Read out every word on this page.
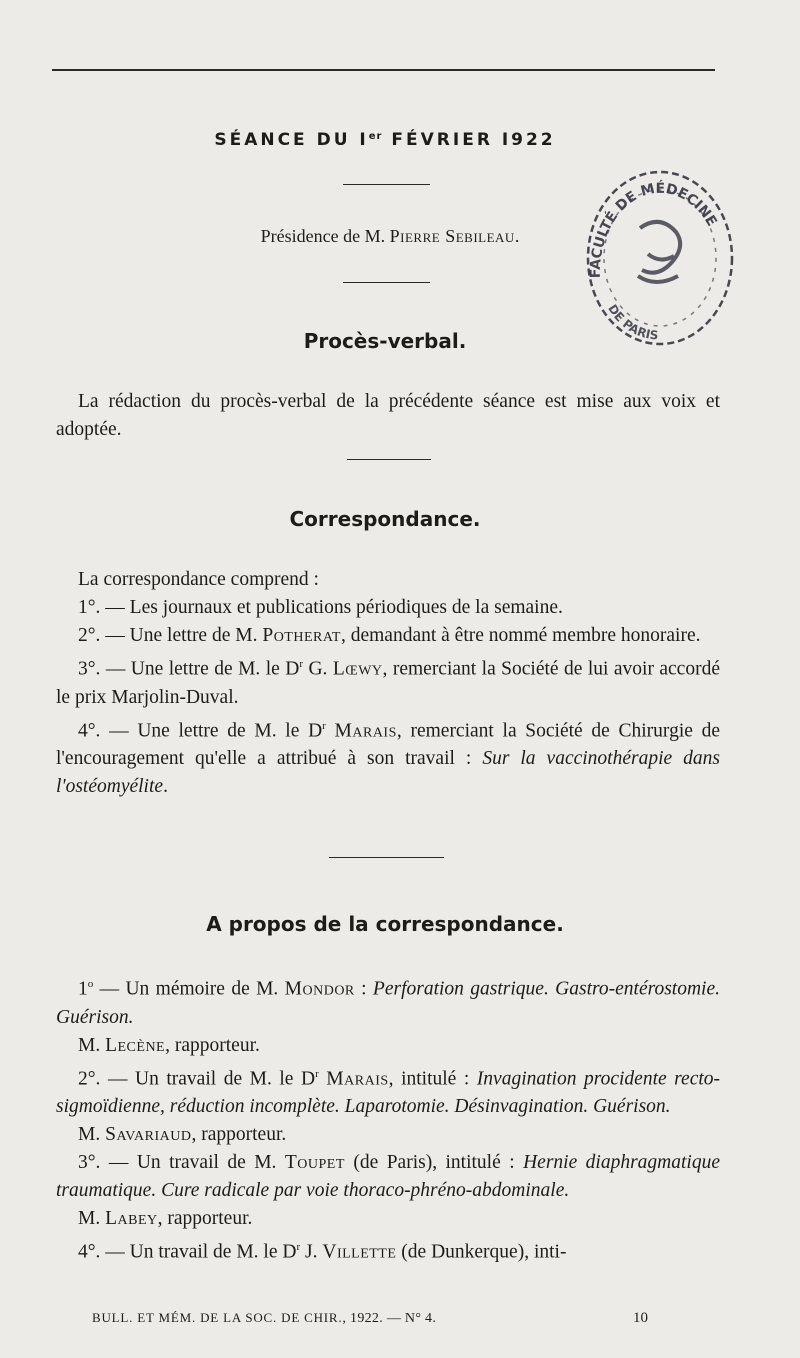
SÉANCE DU Ier FÉVRIER I922
Présidence de M. Pierre Sebileau.
Procès-verbal.

La rédaction du procès-verbal de la précédente séance est mise aux voix et adoptée.

Correspondance.

La correspondance comprend :

1°. — Les journaux et publications périodiques de la semaine.

2°. — Une lettre de M. Potherat, demandant à être nommé membre honoraire.

3°. — Une lettre de M. le $D^r$ G. Lœwy, remerciant la Société de lui avoir accordé le prix Marjolin-Duval.

4°. — Une lettre de M. le $D^r$ Marais, remerciant la Société de Chirurgie de l'encouragement qu'elle a attribué à son travail : Sur la vaccinothérapie dans l'ostéomyélite.

A propos de la correspondance.

1$^o$ — Un mémoire de M. Mondor : Perforation gastrique. Gastro-entérostomie. Guérison.

M. Lecène, rapporteur.

2°. — Un travail de M. le $D^r$ Marais, intitulé : Invagination procidente recto-sigmoïdienne, réduction incomplète. Laparotomie. Désinvagination. Guérison.

M. Savariaud, rapporteur.

3°. — Un travail de M. Toupet (de Paris), intitulé : Hernie diaphragmatique traumatique. Cure radicale par voie thoraco-phréno-abdominale.

M. Labey, rapporteur.

4°. — Un travail de M. le $D^r$ J. Villette (de Dunkerque), inti-

BULL. ET MÉM. DE LA SOC. DE CHIR., 1922. — N° 4.	10
FACULTÉ DE MÉDECINE
DE PARIS
